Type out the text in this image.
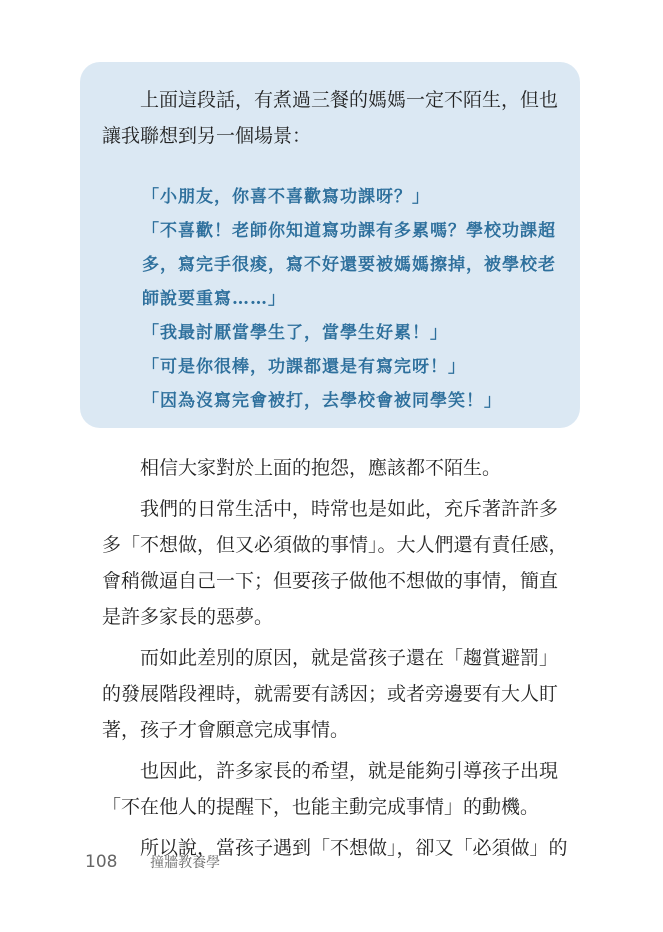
上面這段話，有煮過三餐的媽媽一定不陌生，但也讓我聯想到另一個場景：

「小朋友，你喜不喜歡寫功課呀？」
「不喜歡！老師你知道寫功課有多累嗎？學校功課超多，寫完手很痠，寫不好還要被媽媽擦掉，被學校老師說要重寫……」
「我最討厭當學生了，當學生好累！」
「可是你很棒，功課都還是有寫完呀！」
「因為沒寫完會被打，去學校會被同學笑！」

相信大家對於上面的抱怨，應該都不陌生。

我們的日常生活中，時常也是如此，充斥著許許多多「不想做，但又必須做的事情」。大人們還有責任感，會稍微逼自己一下；但要孩子做他不想做的事情，簡直是許多家長的惡夢。

而如此差別的原因，就是當孩子還在「趨賞避罰」的發展階段裡時，就需要有誘因；或者旁邊要有大人盯著，孩子才會願意完成事情。

也因此，許多家長的希望，就是能夠引導孩子出現「不在他人的提醒下，也能主動完成事情」的動機。

所以說，當孩子遇到「不想做」，卻又「必須做」的

108 撞牆教養學
